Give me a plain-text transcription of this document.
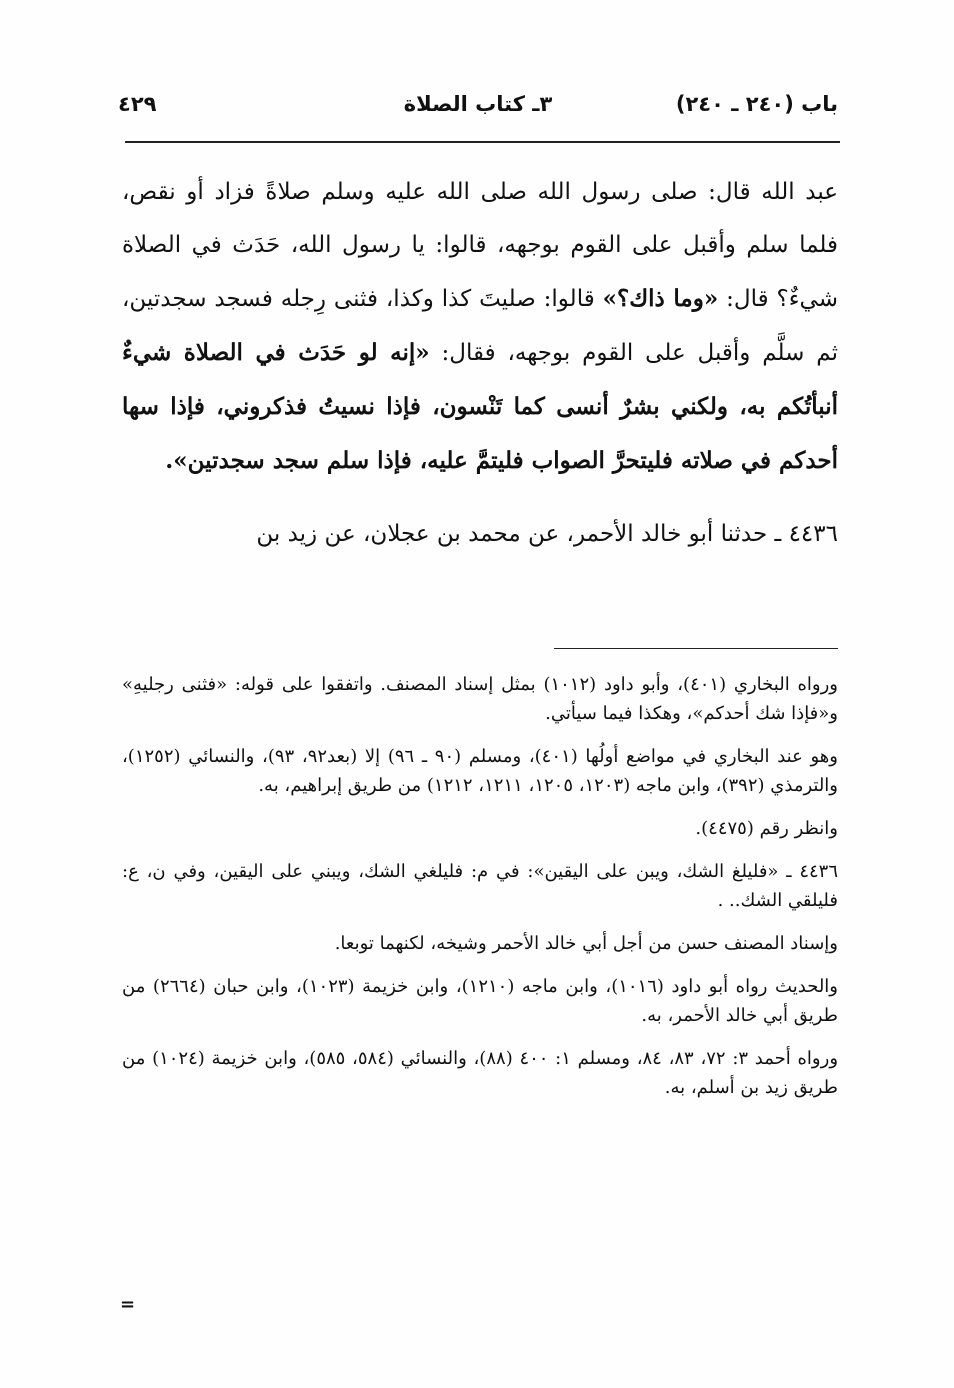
باب (٢٤٠ ـ ٢٤٠)
٣ـ كتاب الصلاة
٤٢٩

عبد الله قال: صلى رسول الله صلى الله عليه وسلم صلاةً فزاد أو نقص، فلما سلم وأقبل على القوم بوجهه، قالوا: يا رسول الله، حَدَث في الصلاة شيءٌ؟ قال: «وما ذاك؟» قالوا: صليتَ كذا وكذا، فثنى رِجله فسجد سجدتين، ثم سلَّم وأقبل على القوم بوجهه، فقال: «إنه لو حَدَث في الصلاة شيءٌ أنبأتُكم به، ولكني بشرٌ أنسى كما تَنْسون، فإذا نسيتُ فذكروني، فإذا سها أحدكم في صلاته فليتحرَّ الصواب فليتمَّ عليه، فإذا سلم سجد سجدتين».

٤٤٣٦ ـ حدثنا أبو خالد الأحمر، عن محمد بن عجلان، عن زيد بن

ورواه البخاري (٤٠١)، وأبو داود (١٠١٢) بمثل إسناد المصنف. واتفقوا على قوله: «فثنى رجليهِ» و«فإذا شك أحدكم»، وهكذا فيما سيأتي.

وهو عند البخاري في مواضع أولُها (٤٠١)، ومسلم (٩٠ ـ ٩٦) إلا (بعد٩٢، ٩٣)، والنسائي (١٢٥٢)، والترمذي (٣٩٢)، وابن ماجه (١٢٠٣، ١٢٠٥، ١٢١١، ١٢١٢) من طريق إبراهيم، به.

وانظر رقم (٤٤٧٥).

٤٤٣٦ ـ «فليلغ الشك، ويبن على اليقين»: في م: فليلغي الشك، ويبني على اليقين، وفي ن، ع: فليلقي الشك.. .

وإسناد المصنف حسن من أجل أبي خالد الأحمر وشيخه، لكنهما توبعا.

والحديث رواه أبو داود (١٠١٦)، وابن ماجه (١٢١٠)، وابن خزيمة (١٠٢٣)، وابن حبان (٢٦٦٤) من طريق أبي خالد الأحمر، به.

ورواه أحمد ٣: ٧٢، ٨٣، ٨٤، ومسلم ١: ٤٠٠ (٨٨)، والنسائي (٥٨٤، ٥٨٥)، وابن خزيمة (١٠٢٤) من طريق زيد بن أسلم، به.

=
